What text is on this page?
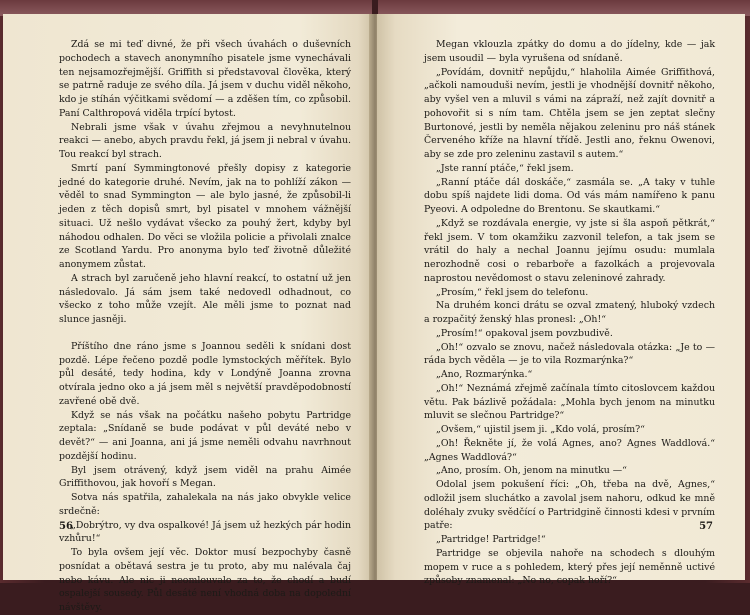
Zdá se mi teď divné, že při všech úvahách o duševních pochodech a stavech anonymního pisatele jsme vynechávali ten nejsamozřejmější. Griffith si představoval člověka, který se patrně raduje ze svého díla. Já jsem v duchu viděl někoho, kdo je stíhán výčitkami svědomí — a zděšen tím, co způsobil. Paní Calthropová viděla trpící bytost.

Nebrali jsme však v úvahu zřejmou a nevyhnutelnou reakci — anebo, abych pravdu řekl, já jsem ji nebral v úvahu. Tou reakcí byl strach.

Smrtí paní Symmingtonové přešly dopisy z kategorie jedné do kategorie druhé. Nevím, jak na to pohlíží zákon — věděl to snad Symmington — ale bylo jasné, že způsobil-li jeden z těch dopisů smrt, byl pisatel v mnohem vážnější situaci. Už nešlo vydávat všecko za pouhý žert, kdyby byl náhodou odhalen. Do věci se vložila policie a přivolali znalce ze Scotland Yardu. Pro anonyma bylo teď životně důležité anonymem zůstat.

A strach byl zaručeně jeho hlavní reakcí, to ostatní už jen následovalo. Já sám jsem také nedovedl odhadnout, co všecko z toho může vzejít. Ale měli jsme to poznat nad slunce jasněji.

Příštího dne ráno jsme s Joannou seděli k snídani dost pozdě. Lépe řečeno pozdě podle lymstockých měřítek. Bylo půl desáté, tedy hodina, kdy v Londýně Joanna zrovna otvírala jedno oko a já jsem měl s největší pravděpodobností zavřené obě dvě.

Když se nás však na počátku našeho pobytu Partridge zeptala: „Snídaně se bude podávat v půl deváté nebo v devět?“ — ani Joanna, ani já jsme neměli odvahu navrhnout pozdější hodinu.

Byl jsem otrávený, když jsem viděl na prahu Aimée Griffithovou, jak hovoří s Megan.

Sotva nás spatřila, zahalekala na nás jako obvykle velice srdečně:

„Dobrýtro, vy dva ospalkové! Já jsem už hezkých pár hodin vzhůru!“

To byla ovšem její věc. Doktor musí bezpochyby časně posnídat a obětavá sestra je tu proto, aby mu nalévala čaj nebo kávu. Ale nic ji neomlouvalo za to, že chodí a budí ospalejší sousedy. Půl desáté není vhodná doba na dopolední návštěvy.

56

Megan vklouzla zpátky do domu a do jídelny, kde — jak jsem usoudil — byla vyrušena od snídaně.

„Povídám, dovnitř nepůjdu,“ hlaholila Aimée Griffithová, „ačkoli namouduši nevím, jestli je vhodnější dovnitř někoho, aby vyšel ven a mluvil s vámi na zápraží, než zajít dovnitř a pohovořit si s ním tam. Chtěla jsem se jen zeptat slečny Burtonové, jestli by neměla nějakou zeleninu pro náš stánek Červeného kříže na hlavní třídě. Jestli ano, řeknu Owenovi, aby se zde pro zeleninu zastavil s autem.“

„Jste ranní ptáče,“ řekl jsem.

„Ranní ptáče dál doskáče,“ zasmála se. „A taky v tuhle dobu spíš najdete lidi doma. Od vás mám namířeno k panu Pyeovi. A odpoledne do Brentonu. Se skautkami.“

„Když se rozdávala energie, vy jste si šla aspoň pětkrát,“ řekl jsem. V tom okamžiku zazvonil telefon, a tak jsem se vrátil do haly a nechal Joannu jejímu osudu: mumlala nerozhodně cosi o rebarboře a fazolkách a projevovala naprostou nevědomost o stavu zeleninové zahrady.

„Prosím,“ řekl jsem do telefonu.

Na druhém konci drátu se ozval zmatený, hluboký vzdech a rozpačitý ženský hlas pronesl: „Oh!“

„Prosím!“ opakoval jsem povzbudivě.

„Oh!“ ozvalo se znovu, načež následovala otázka: „Je to — ráda bych věděla — je to vila Rozmarýnka?“

„Ano, Rozmarýnka.“

„Oh!“ Neznámá zřejmě začínala tímto citoslovcem každou větu. Pak bázlivě požádala: „Mohla bych jenom na minutku mluvit se slečnou Partridge?“

„Ovšem,“ ujistil jsem ji. „Kdo volá, prosím?“

„Oh! Řekněte jí, že volá Agnes, ano? Agnes Waddlová.“ „Agnes Waddlová?“

„Ano, prosím. Oh, jenom na minutku —“

Odolal jsem pokušení říci: „Oh, třeba na dvě, Agnes,“ odložil jsem sluchátko a zavolal jsem nahoru, odkud ke mně doléhaly zvuky svědčící o Partridgině činnosti kdesi v prvním patře:

„Partridge! Partridge!“

Partridge se objevila nahoře na schodech s dlouhým mopem v ruce a s pohledem, který přes její neměnně uctivé způsoby znamenal: „No no, copak hoří?“

57
